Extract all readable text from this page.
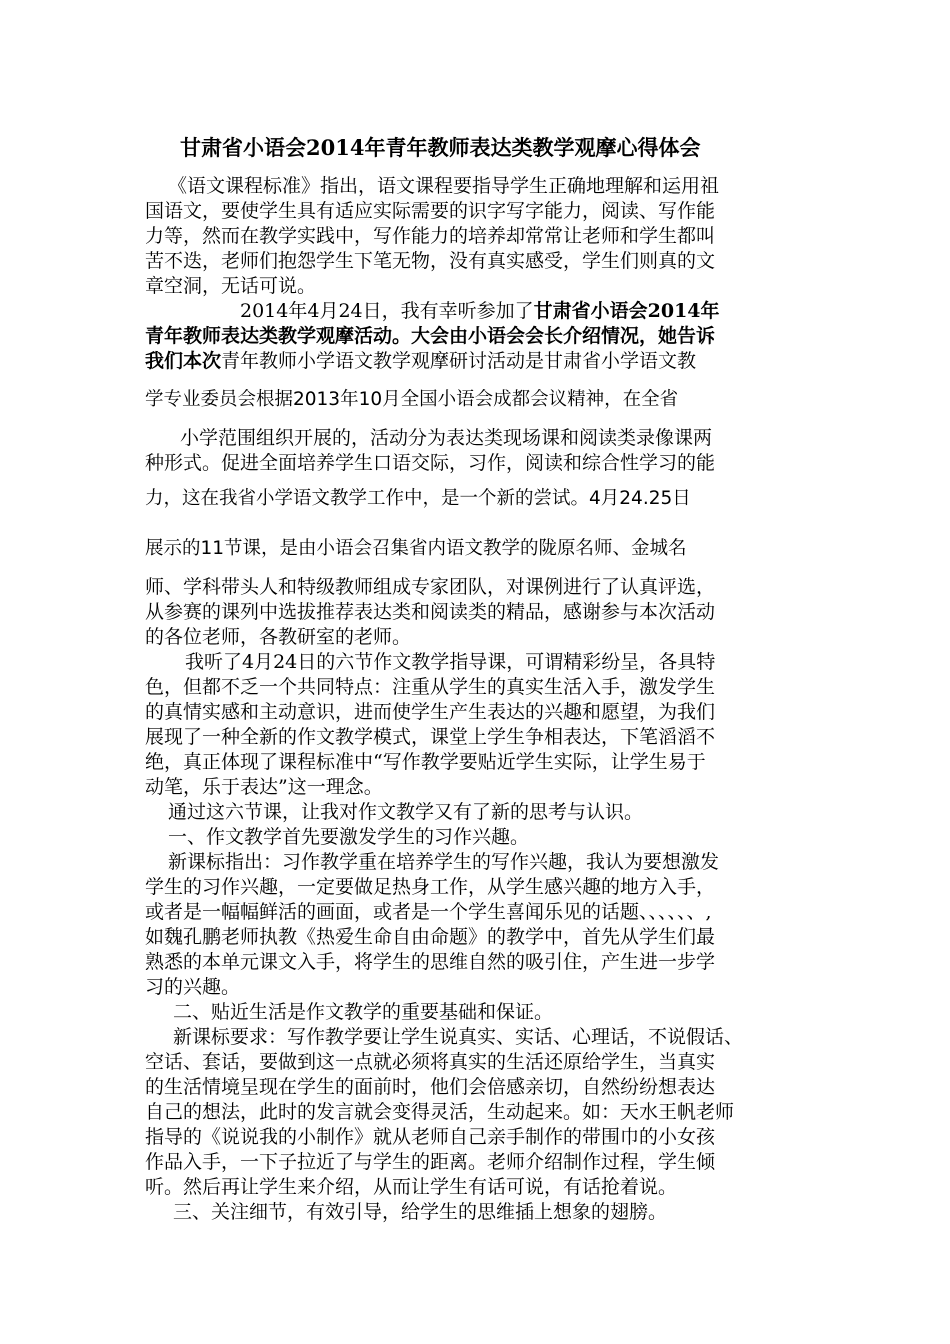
甘肃省小语会2014年青年教师表达类教学观摩心得体会
《语文课程标准》指出，语文课程要指导学生正确地理解和运用祖
国语文，要使学生具有适应实际需要的识字写字能力，阅读、写作能
力等，然而在教学实践中，写作能力的培养却常常让老师和学生都叫
苦不迭，老师们抱怨学生下笔无物，没有真实感受，学生们则真的文
章空洞，无话可说。
2014年4月24日，我有幸听参加了甘肃省小语会2014年
青年教师表达类教学观摩活动。大会由小语会会长介绍情况，她告诉
我们本次青年教师小学语文教学观摩研讨活动是甘肃省小学语文教
学专业委员会根据2013年10月全国小语会成都会议精神，在全省
小学范围组织开展的，活动分为表达类现场课和阅读类录像课两
种形式。促进全面培养学生口语交际，习作，阅读和综合性学习的能
力，这在我省小学语文教学工作中，是一个新的尝试。4月24.25日
展示的11节课，是由小语会召集省内语文教学的陇原名师、金城名
师、学科带头人和特级教师组成专家团队，对课例进行了认真评选，
从参赛的课列中选拔推荐表达类和阅读类的精品，感谢参与本次活动
的各位老师，各教研室的老师。
我听了4月24日的六节作文教学指导课，可谓精彩纷呈，各具特
色，但都不乏一个共同特点：注重从学生的真实生活入手，激发学生
的真情实感和主动意识，进而使学生产生表达的兴趣和愿望，为我们
展现了一种全新的作文教学模式，课堂上学生争相表达，下笔滔滔不
绝，真正体现了课程标准中“写作教学要贴近学生实际，让学生易于
动笔，乐于表达”这一理念。
通过这六节课，让我对作文教学又有了新的思考与认识。
一、作文教学首先要激发学生的习作兴趣。
新课标指出：习作教学重在培养学生的写作兴趣，我认为要想激发
学生的习作兴趣，一定要做足热身工作，从学生感兴趣的地方入手，
或者是一幅幅鲜活的画面，或者是一个学生喜闻乐见的话题、、、、、、,
如魏孔鹏老师执教《热爱生命自由命题》的教学中，首先从学生们最
熟悉的本单元课文入手，将学生的思维自然的吸引住，产生进一步学
习的兴趣。
二、贴近生活是作文教学的重要基础和保证。
新课标要求：写作教学要让学生说真实、实话、心理话，不说假话、
空话、套话，要做到这一点就必须将真实的生活还原给学生，当真实
的生活情境呈现在学生的面前时，他们会倍感亲切，自然纷纷想表达
自己的想法，此时的发言就会变得灵活，生动起来。如：天水王帆老师
指导的《说说我的小制作》就从老师自己亲手制作的带围巾的小女孩
作品入手，一下子拉近了与学生的距离。老师介绍制作过程，学生倾
听。然后再让学生来介绍，从而让学生有话可说，有话抢着说。
三、关注细节，有效引导，给学生的思维插上想象的翅膀。
